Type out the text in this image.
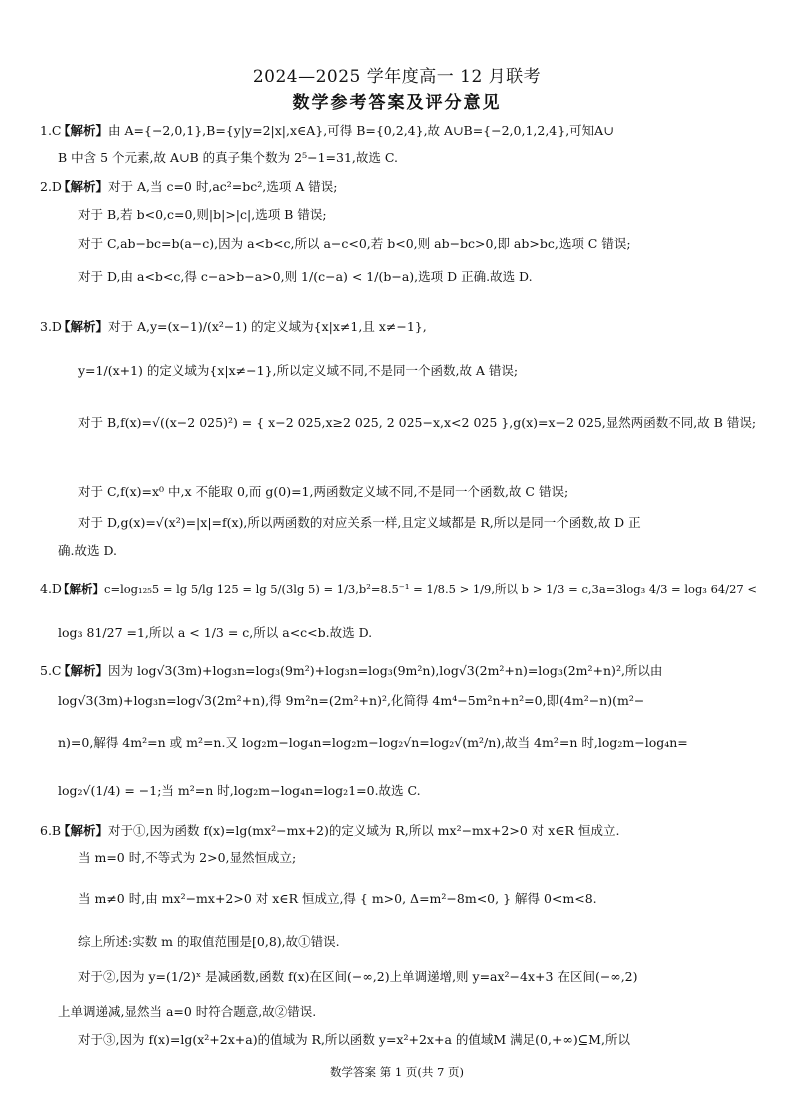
2024—2025 学年度高一 12 月联考
数学参考答案及评分意见
1.C
【解析】由 A={−2,0,1},B={y|y=2|x|,x∈A},可得 B={0,2,4},故 A∪B={−2,0,1,2,4},可知A∪
B 中含 5 个元素,故 A∪B 的真子集个数为 2⁵−1=31,故选 C.
2.D
【解析】对于 A,当 c=0 时,ac²=bc²,选项 A 错误;
对于 B,若 b<0,c=0,则|b|>|c|,选项 B 错误;
对于 C,ab−bc=b(a−c),因为 a<b<c,所以 a−c<0,若 b<0,则 ab−bc>0,即 ab>bc,选项 C 错误;
对于 D,由 a<b<c,得 c−a>b−a>0,则 1/(c−a) < 1/(b−a),选项 D 正确.故选 D.
3.D
【解析】对于 A,y=(x−1)/(x²−1) 的定义域为{x|x≠1,且 x≠−1},
y=1/(x+1) 的定义域为{x|x≠−1},所以定义域不同,不是同一个函数,故 A 错误;
对于 B,f(x)=√((x−2 025)²) = { x−2 025,x≥2 025, 2 025−x,x<2 025 },g(x)=x−2 025,显然两函数不同,故 B 错误;
对于 C,f(x)=x⁰ 中,x 不能取 0,而 g(0)=1,两函数定义域不同,不是同一个函数,故 C 错误;
对于 D,g(x)=√(x²)=|x|=f(x),所以两函数的对应关系一样,且定义域都是 R,所以是同一个函数,故 D 正
确.故选 D.
4.D
【解析】c=log₁₂₅5 = lg 5/lg 125 = lg 5/(3lg 5) = 1/3,b²=8.5⁻¹ = 1/8.5 > 1/9,所以 b > 1/3 = c,3a=3log₃ 4/3 = log₃ 64/27 <
log₃ 81/27 =1,所以 a < 1/3 = c,所以 a<c<b.故选 D.
5.C
【解析】因为 log√3(3m)+log₃n=log₃(9m²)+log₃n=log₃(9m²n),log√3(2m²+n)=log₃(2m²+n)²,所以由
log√3(3m)+log₃n=log√3(2m²+n),得 9m²n=(2m²+n)²,化简得 4m⁴−5m²n+n²=0,即(4m²−n)(m²−
n)=0,解得 4m²=n 或 m²=n.又 log₂m−log₄n=log₂m−log₂√n=log₂√(m²/n),故当 4m²=n 时,log₂m−log₄n=
log₂√(1/4) = −1;当 m²=n 时,log₂m−log₄n=log₂1=0.故选 C.
6.B
【解析】对于①,因为函数 f(x)=lg(mx²−mx+2)的定义域为 R,所以 mx²−mx+2>0 对 x∈R 恒成立.
当 m=0 时,不等式为 2>0,显然恒成立;
当 m≠0 时,由 mx²−mx+2>0 对 x∈R 恒成立,得 { m>0, Δ=m²−8m<0, } 解得 0<m<8.
综上所述:实数 m 的取值范围是[0,8),故①错误.
对于②,因为 y=(1/2)ˣ 是减函数,函数 f(x)在区间(−∞,2)上单调递增,则 y=ax²−4x+3 在区间(−∞,2)
上单调递减,显然当 a=0 时符合题意,故②错误.
对于③,因为 f(x)=lg(x²+2x+a)的值域为 R,所以函数 y=x²+2x+a 的值域M 满足(0,+∞)⊆M,所以
数学答案 第 1 页(共 7 页)
